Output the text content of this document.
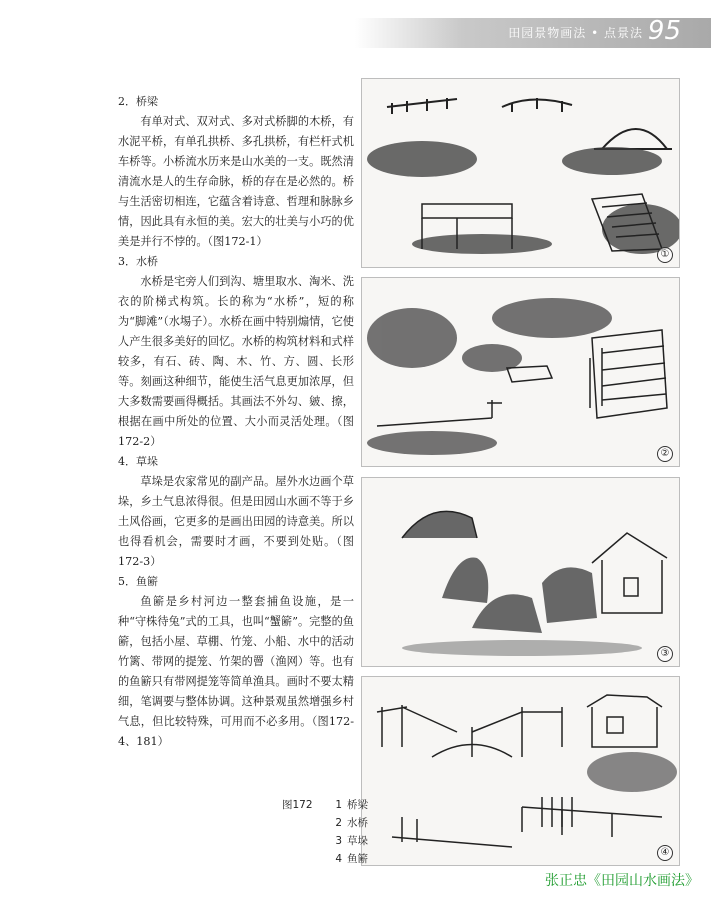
田园景物画法 • 点景法 95
2．桥梁

有单对式、双对式、多对式桥脚的木桥，有水泥平桥，有单孔拱桥、多孔拱桥，有栏杆式机车桥等。小桥流水历来是山水美的一支。既然清清流水是人的生存命脉，桥的存在是必然的。桥与生活密切相连，它蕴含着诗意、哲理和脉脉乡情，因此具有永恒的美。宏大的壮美与小巧的优美是并行不悖的。（图172-1）

3．水桥

水桥是宅旁人们到沟、塘里取水、淘米、洗衣的阶梯式构筑。长的称为“水桥”，短的称为“脚滩”（水埸子）。水桥在画中特别煽情，它使人产生很多美好的回忆。水桥的构筑材料和式样较多，有石、砖、陶、木、竹、方、圆、长形等。刻画这种细节，能使生活气息更加浓厚，但大多数需要画得概括。其画法不外勾、皴、擦，根据在画中所处的位置、大小而灵活处理。（图172-2）

4．草垛

草垛是农家常见的副产品。屋外水边画个草垛，乡土气息浓得很。但是田园山水画不等于乡土风俗画，它更多的是画出田园的诗意美。所以也得看机会，需要时才画，不要到处贴。（图172-3）

5．鱼簖

鱼簖是乡村河边一整套捕鱼设施，是一种“守株待兔”式的工具，也叫“蟹簖”。完整的鱼簖，包括小屋、草棚、竹笼、小船、水中的活动竹篱、带网的提笼、竹架的罾（渔网）等。也有的鱼簖只有带网提笼等简单渔具。画时不要太精细，笔调要与整体协调。这种景观虽然增强乡村气息，但比较特殊，可用而不必多用。（图172-4、181）

①
②
③
④
图172	1 桥梁
2 水桥
3 草垛
4 鱼簖
张正忠《田园山水画法》
